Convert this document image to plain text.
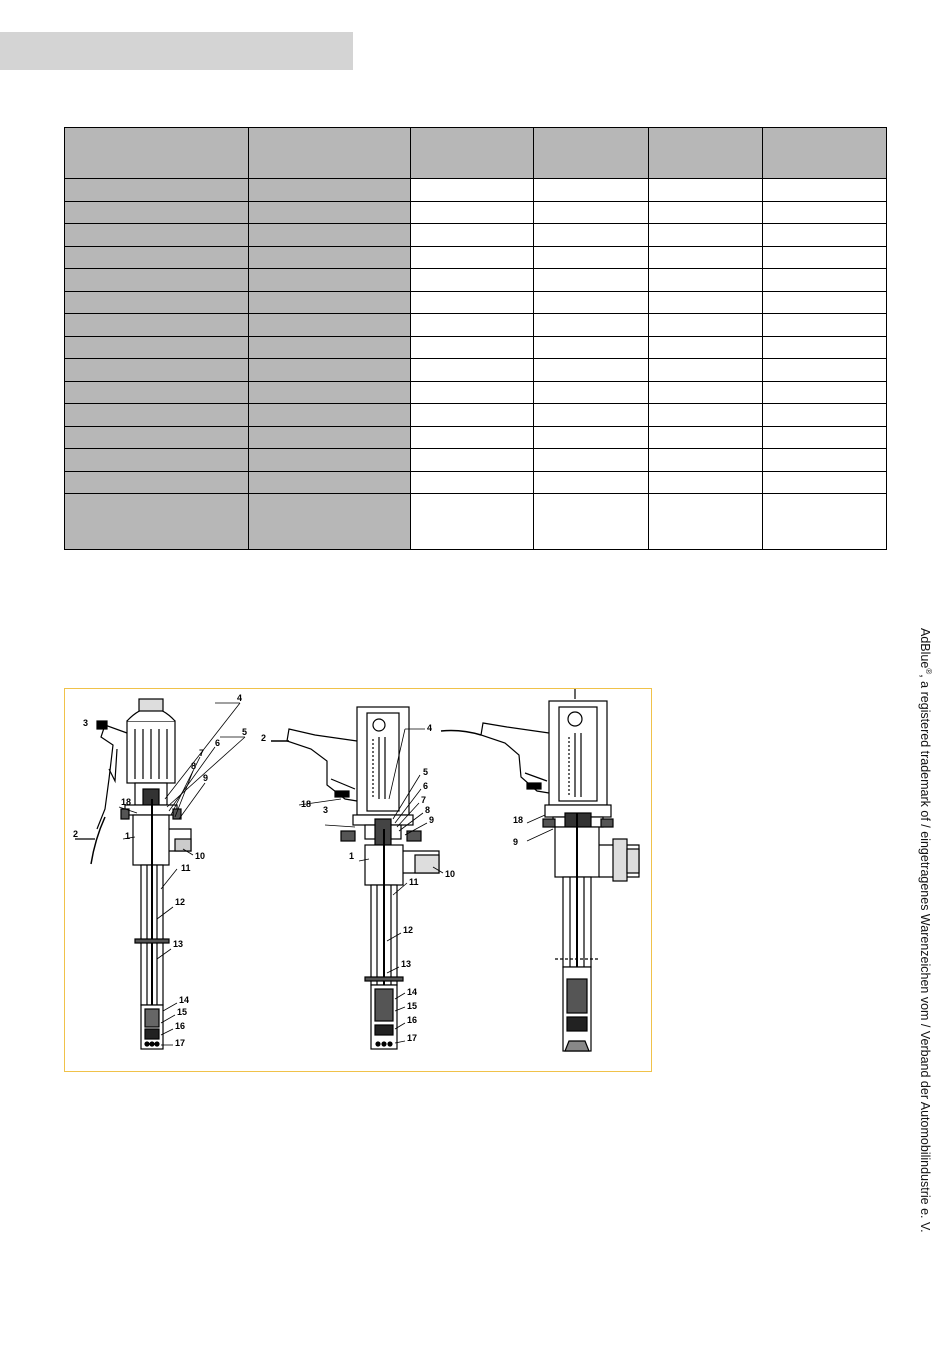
3
4
5
6
7
8
9
18
2	1
10
11
12
13
14
15
16
17
2
4
5
6
7
8
9
3
18
1
10
11
12
13
14
15
16
17
18
9
AdBlue®, a registered trademark of / eingetragenes Warenzeichen vom / Verband der Automobilindustrie e. V.
